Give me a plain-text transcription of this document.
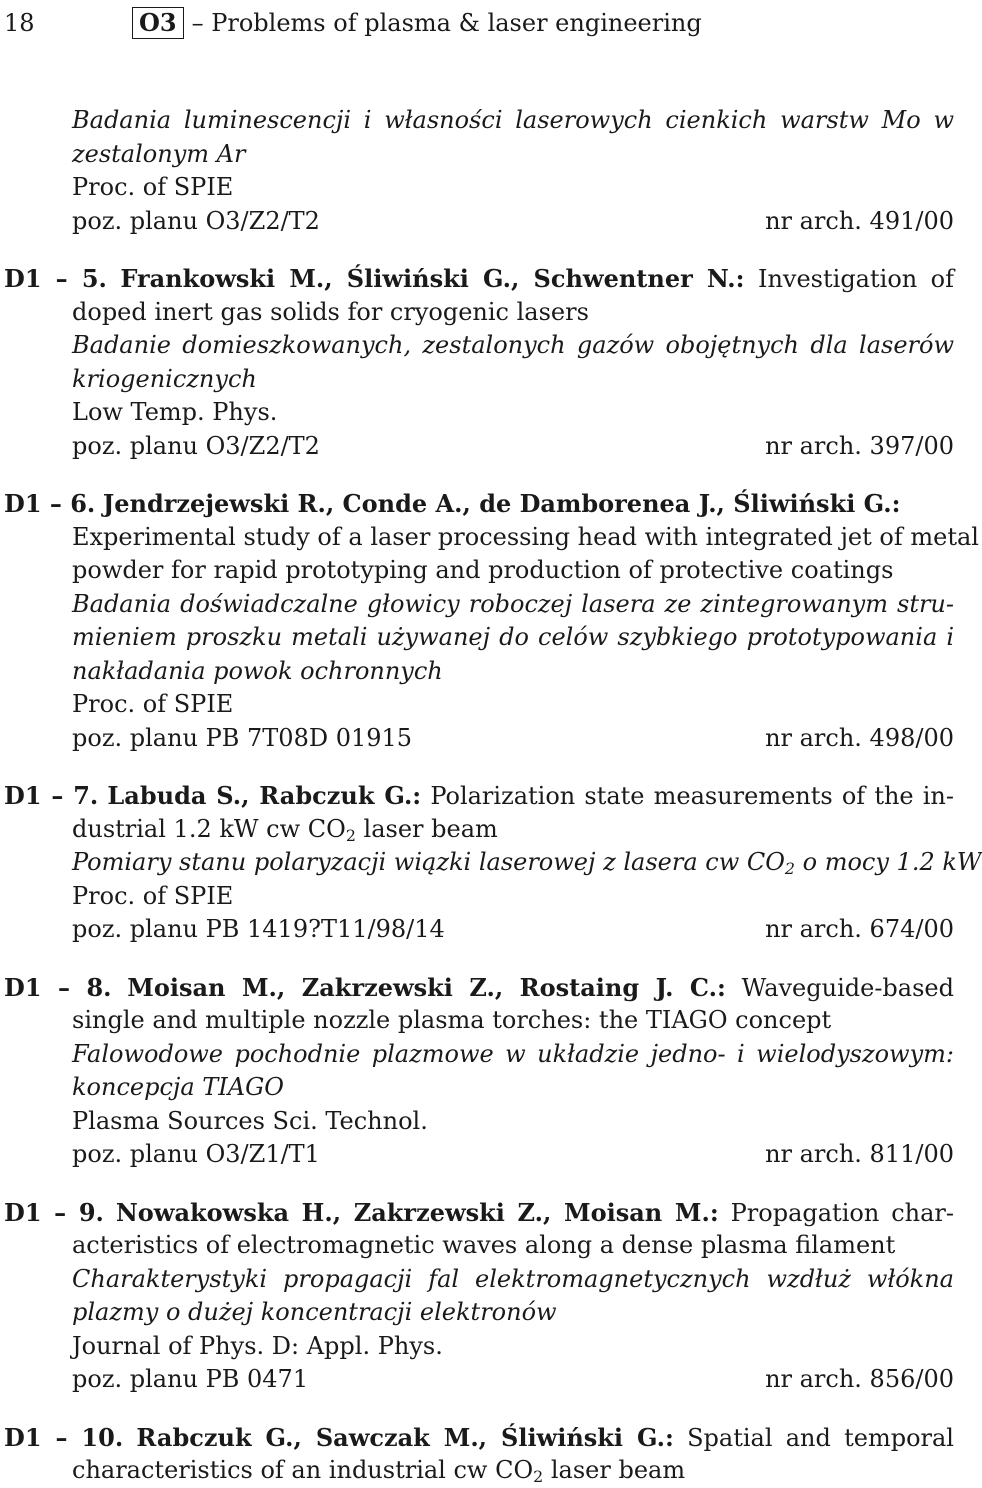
18	O3 – Problems of plasma & laser engineering
Badania luminescencji i własności laserowych cienkich warstw Mo w
zestalonym Ar
Proc. of SPIE
poz. planu O3/Z2/T2	nr arch. 491/00
D1 – 5. Frankowski M., Śliwiński G., Schwentner N.: Investigation of
doped inert gas solids for cryogenic lasers
Badanie domieszkowanych, zestalonych gazów obojętnych dla laserów
kriogenicznych
Low Temp. Phys.
poz. planu O3/Z2/T2	nr arch. 397/00
D1 – 6. Jendrzejewski R., Conde A., de Damborenea J., Śliwiński G.:
Experimental study of a laser processing head with integrated jet of metal
powder for rapid prototyping and production of protective coatings
Badania doświadczalne głowicy roboczej lasera ze zintegrowanym stru-
mieniem proszku metali używanej do celów szybkiego prototypowania i
nakładania powok ochronnych
Proc. of SPIE
poz. planu PB 7T08D 01915	nr arch. 498/00
D1 – 7. Labuda S., Rabczuk G.: Polarization state measurements of the in-
dustrial 1.2 kW cw $CO_2$ laser beam
Pomiary stanu polaryzacji wiązki laserowej z lasera cw $CO_2$ o mocy 1.2 kW
Proc. of SPIE
poz. planu PB 1419?T11/98/14	nr arch. 674/00
D1 – 8. Moisan M., Zakrzewski Z., Rostaing J. C.: Waveguide-based
single and multiple nozzle plasma torches: the TIAGO concept
Falowodowe pochodnie plazmowe w układzie jedno- i wielodyszowym:
koncepcja TIAGO
Plasma Sources Sci. Technol.
poz. planu O3/Z1/T1	nr arch. 811/00
D1 – 9. Nowakowska H., Zakrzewski Z., Moisan M.: Propagation char-
acteristics of electromagnetic waves along a dense plasma filament
Charakterystyki propagacji fal elektromagnetycznych wzdłuż włókna
plazmy o dużej koncentracji elektronów
Journal of Phys. D: Appl. Phys.
poz. planu PB 0471	nr arch. 856/00
D1 – 10. Rabczuk G., Sawczak M., Śliwiński G.: Spatial and temporal
characteristics of an industrial cw $CO_2$ laser beam
